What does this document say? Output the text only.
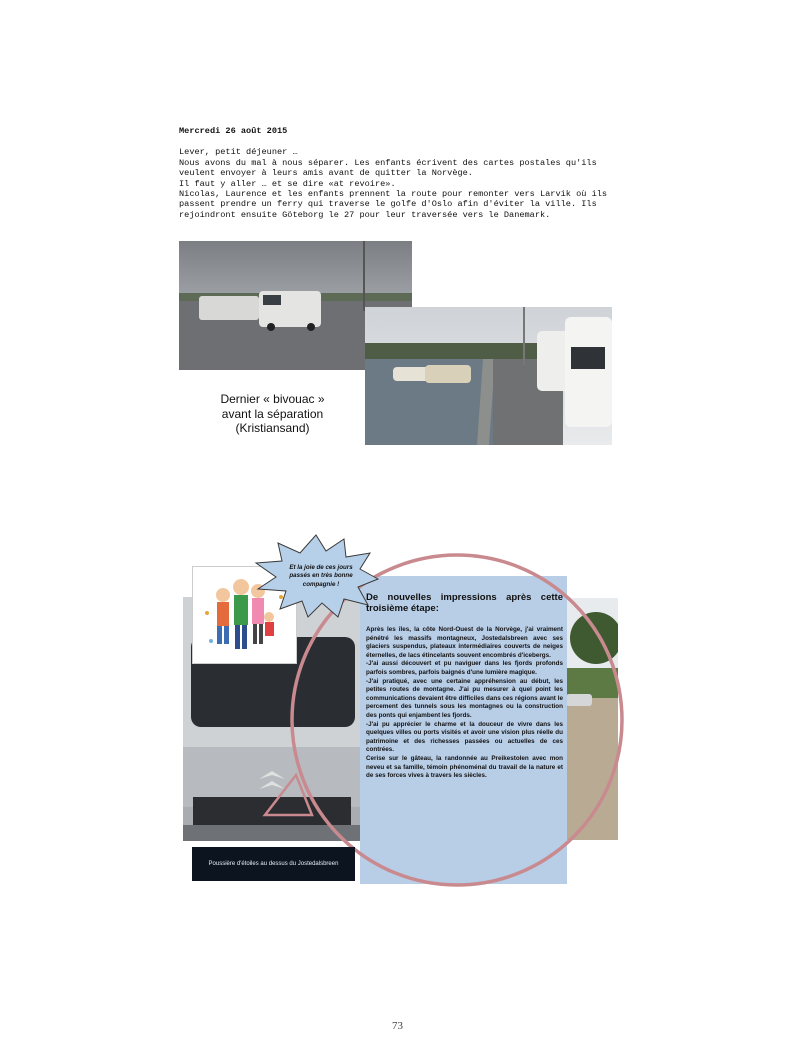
Mercredi 26 août 2015

Lever, petit déjeuner …

Nous avons du mal à nous séparer. Les enfants écrivent des cartes postales qu'ils

veulent envoyer à leurs amis avant de quitter la Norvège.

Il faut y aller … et se dire «at revoire».

Nicolas, Laurence et les enfants prennent la route pour remonter vers Larvik où ils

passent prendre un ferry qui traverse le golfe d'Oslo afin d'éviter la ville. Ils

rejoindront ensuite Göteborg le 27 pour leur traversée vers le Danemark.

Dernier « bivouac »
avant la séparation
(Kristiansand)
De nouvelles impressions après cette troisième étape:

Après les îles, la côte Nord-Ouest de la Norvège, j'ai vraiment pénétré les massifs montagneux, Jostedalsbreen avec ses glaciers suspendus, plateaux intermédiaires couverts de neiges éternelles, de lacs étincelants souvent encombrés d'icebergs.

-J'ai aussi découvert et pu naviguer dans les fjords profonds parfois sombres, parfois baignés d'une lumière magique.

-J'ai pratiqué, avec une certaine appréhension au début, les petites routes de montagne. J'ai pu mesurer à quel point les communications devaient être difficiles dans ces régions avant le percement des tunnels sous les montagnes ou la construction des ponts qui enjambent les fjords.

-J'ai pu apprécier le charme et la douceur de vivre dans les quelques villes ou ports visités et avoir une vision plus réelle du patrimoine et des richesses passées ou actuelles de ces contrées.

Cerise sur le gâteau, la randonnée au Preikestolen avec mon neveu et sa famille, témoin phénoménal du travail de la nature et de ses forces vives à travers les siècles.

Et la joie de ces jours
passés en très bonne
compagnie !
Poussière d'étoiles au dessus du Jostedalsbreen
73
